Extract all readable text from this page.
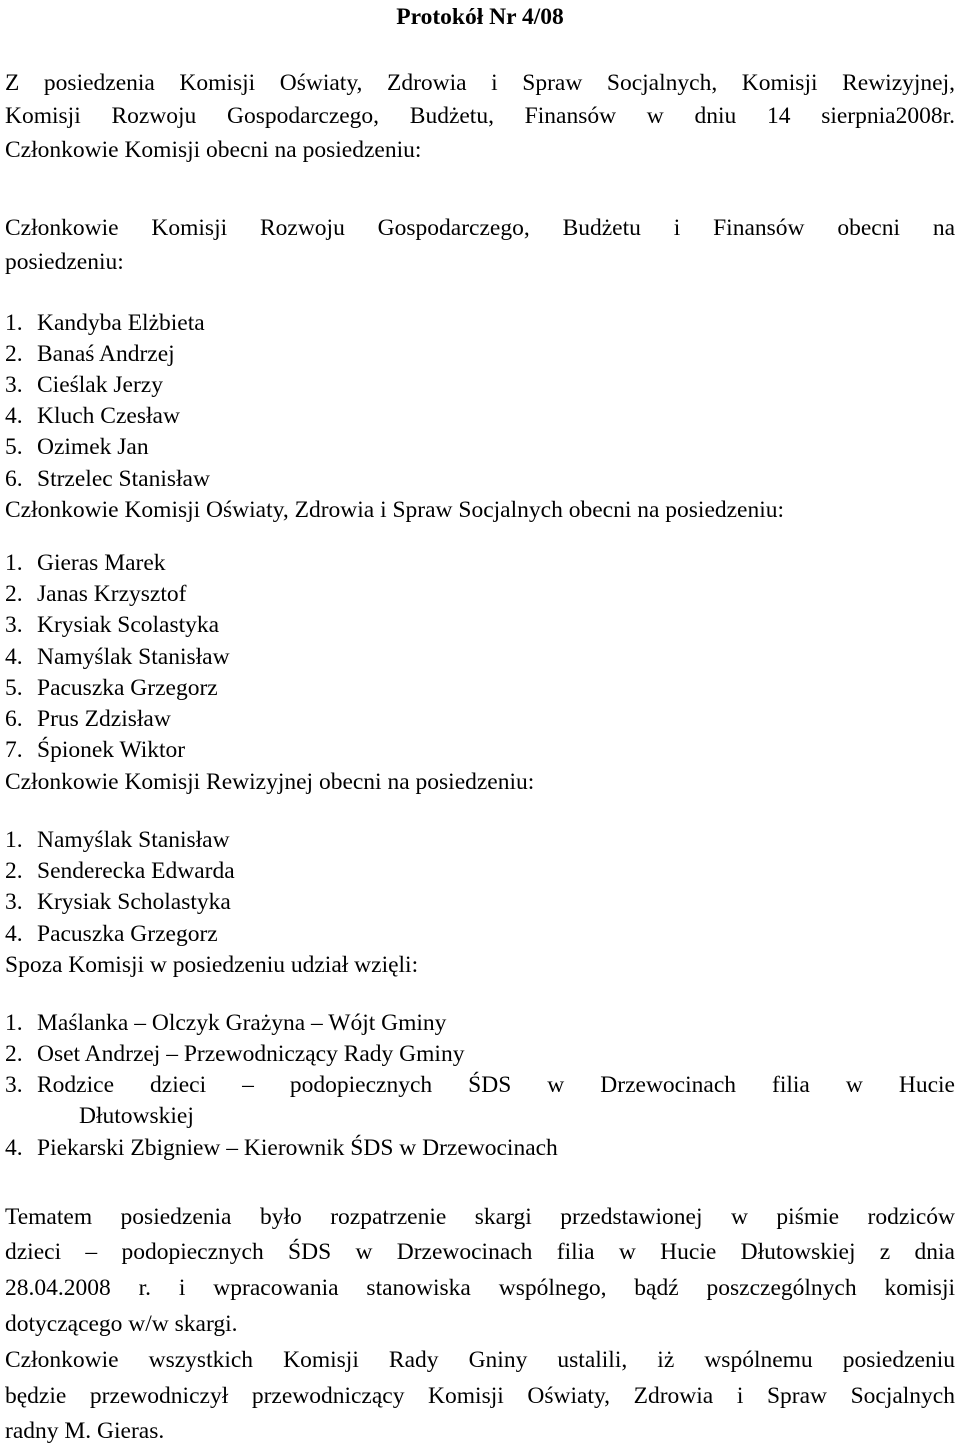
Protokół Nr 4/08
Z posiedzenia Komisji Oświaty, Zdrowia i Spraw Socjalnych, Komisji Rewizyjnej,
Komisji Rozwoju Gospodarczego, Budżetu, Finansów w dniu 14 sierpnia2008r.
Członkowie Komisji obecni na posiedzeniu:
Członkowie Komisji Rozwoju Gospodarczego, Budżetu i Finansów obecni na
posiedzeniu:
1. Kandyba Elżbieta
2. Banaś Andrzej
3. Cieślak Jerzy
4. Kluch Czesław
5. Ozimek Jan
6. Strzelec Stanisław
Członkowie Komisji Oświaty, Zdrowia i Spraw Socjalnych obecni na posiedzeniu:
1. Gieras Marek
2. Janas Krzysztof
3. Krysiak Scolastyka
4. Namyślak Stanisław
5. Pacuszka Grzegorz
6. Prus Zdzisław
7. Śpionek Wiktor
Członkowie Komisji Rewizyjnej obecni na posiedzeniu:
1. Namyślak Stanisław
2. Senderecka Edwarda
3. Krysiak Scholastyka
4. Pacuszka Grzegorz
Spoza Komisji w posiedzeniu udział wzięli:
1. Maślanka – Olczyk Grażyna – Wójt Gminy
2. Oset Andrzej – Przewodniczący Rady Gminy
3. Rodzice dzieci – podopiecznych ŚDS w Drzewocinach filia w Hucie
Dłutowskiej
4. Piekarski Zbigniew – Kierownik ŚDS w Drzewocinach
Tematem posiedzenia było rozpatrzenie skargi przedstawionej w piśmie rodziców
dzieci – podopiecznych ŚDS w Drzewocinach filia w Hucie Dłutowskiej z dnia
28.04.2008 r. i wpracowania stanowiska wspólnego, bądź poszczególnych komisji
dotyczącego w/w skargi.
Członkowie wszystkich Komisji Rady Gniny ustalili, iż wspólnemu posiedzeniu
będzie przewodniczył przewodniczący Komisji Oświaty, Zdrowia i Spraw Socjalnych
radny M. Gieras.
